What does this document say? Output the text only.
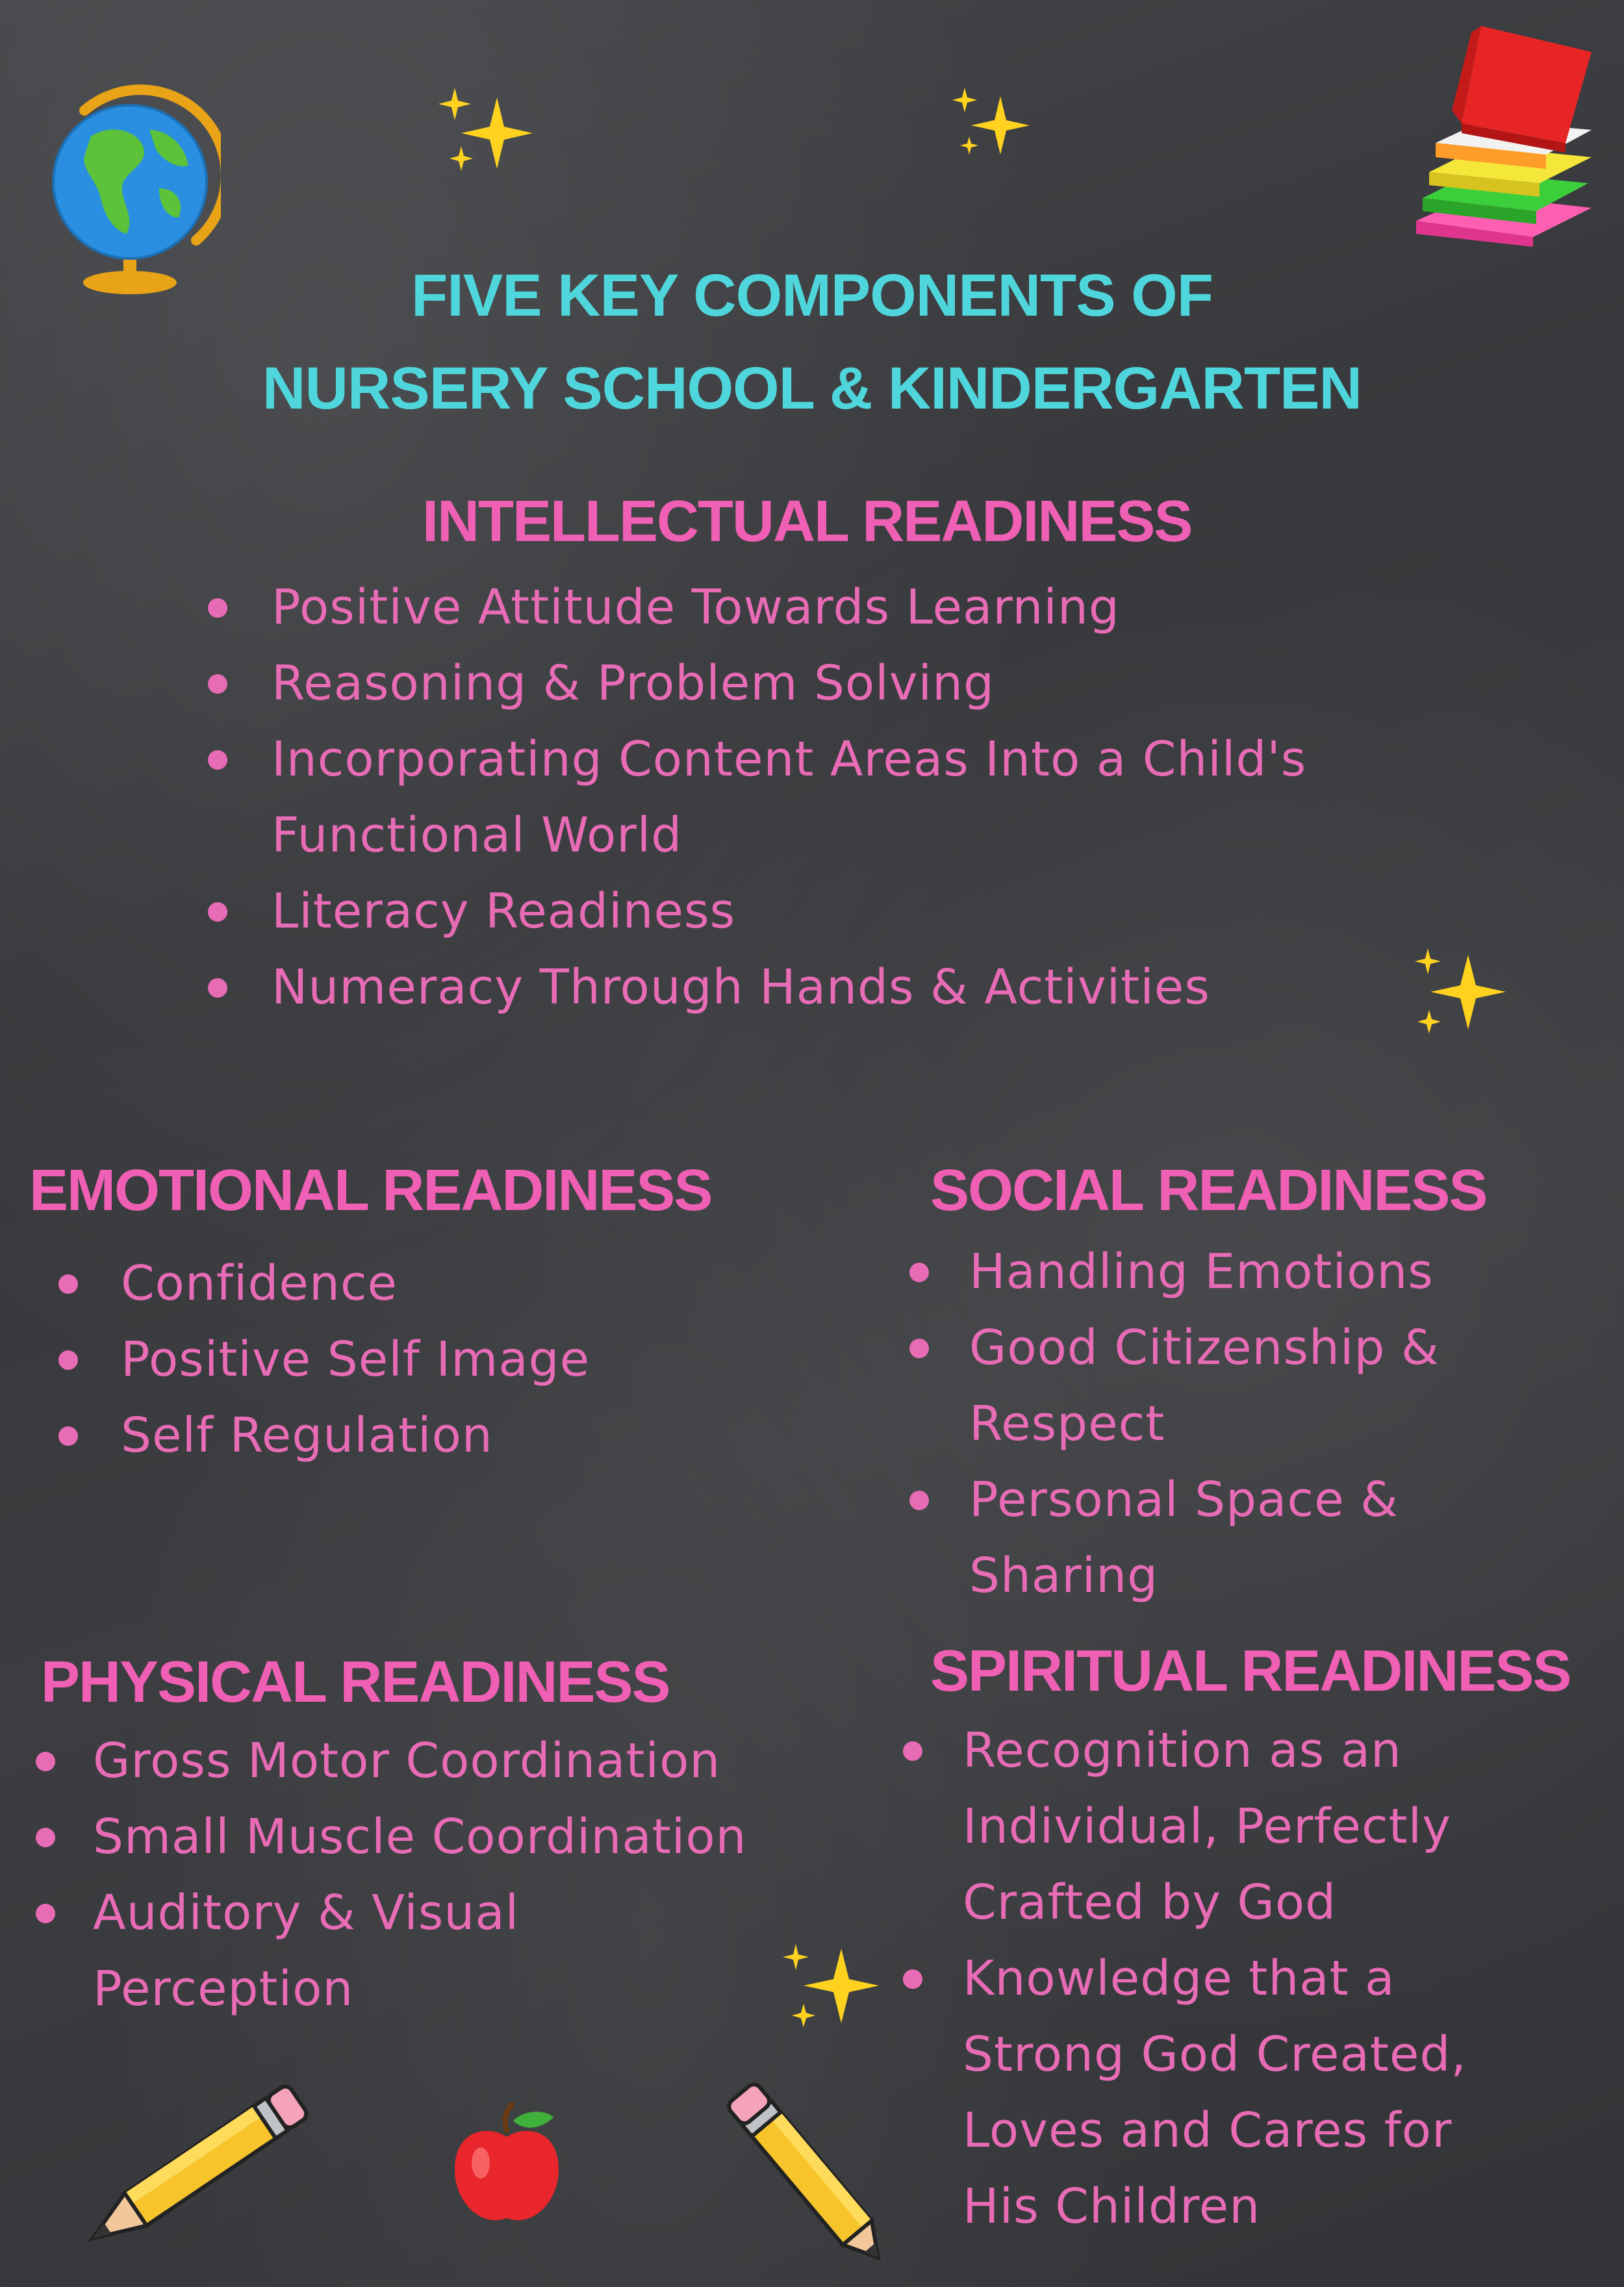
FIVE KEY COMPONENTS OF
NURSERY SCHOOL & KINDERGARTEN
INTELLECTUAL READINESS
Positive Attitude Towards Learning
Reasoning & Problem Solving
Incorporating Content Areas Into a Child's
Functional World
Literacy Readiness
Numeracy Through Hands & Activities
EMOTIONAL READINESS
Confidence
Positive Self Image
Self Regulation
SOCIAL READINESS
Handling Emotions
Good Citizenship &
Respect
Personal Space &
Sharing
PHYSICAL READINESS
Gross Motor Coordination
Small Muscle Coordination
Auditory & Visual
Perception
SPIRITUAL READINESS
Recognition as an
Individual, Perfectly
Crafted by God
Knowledge that a
Strong God Created,
Loves and Cares for
His Children
